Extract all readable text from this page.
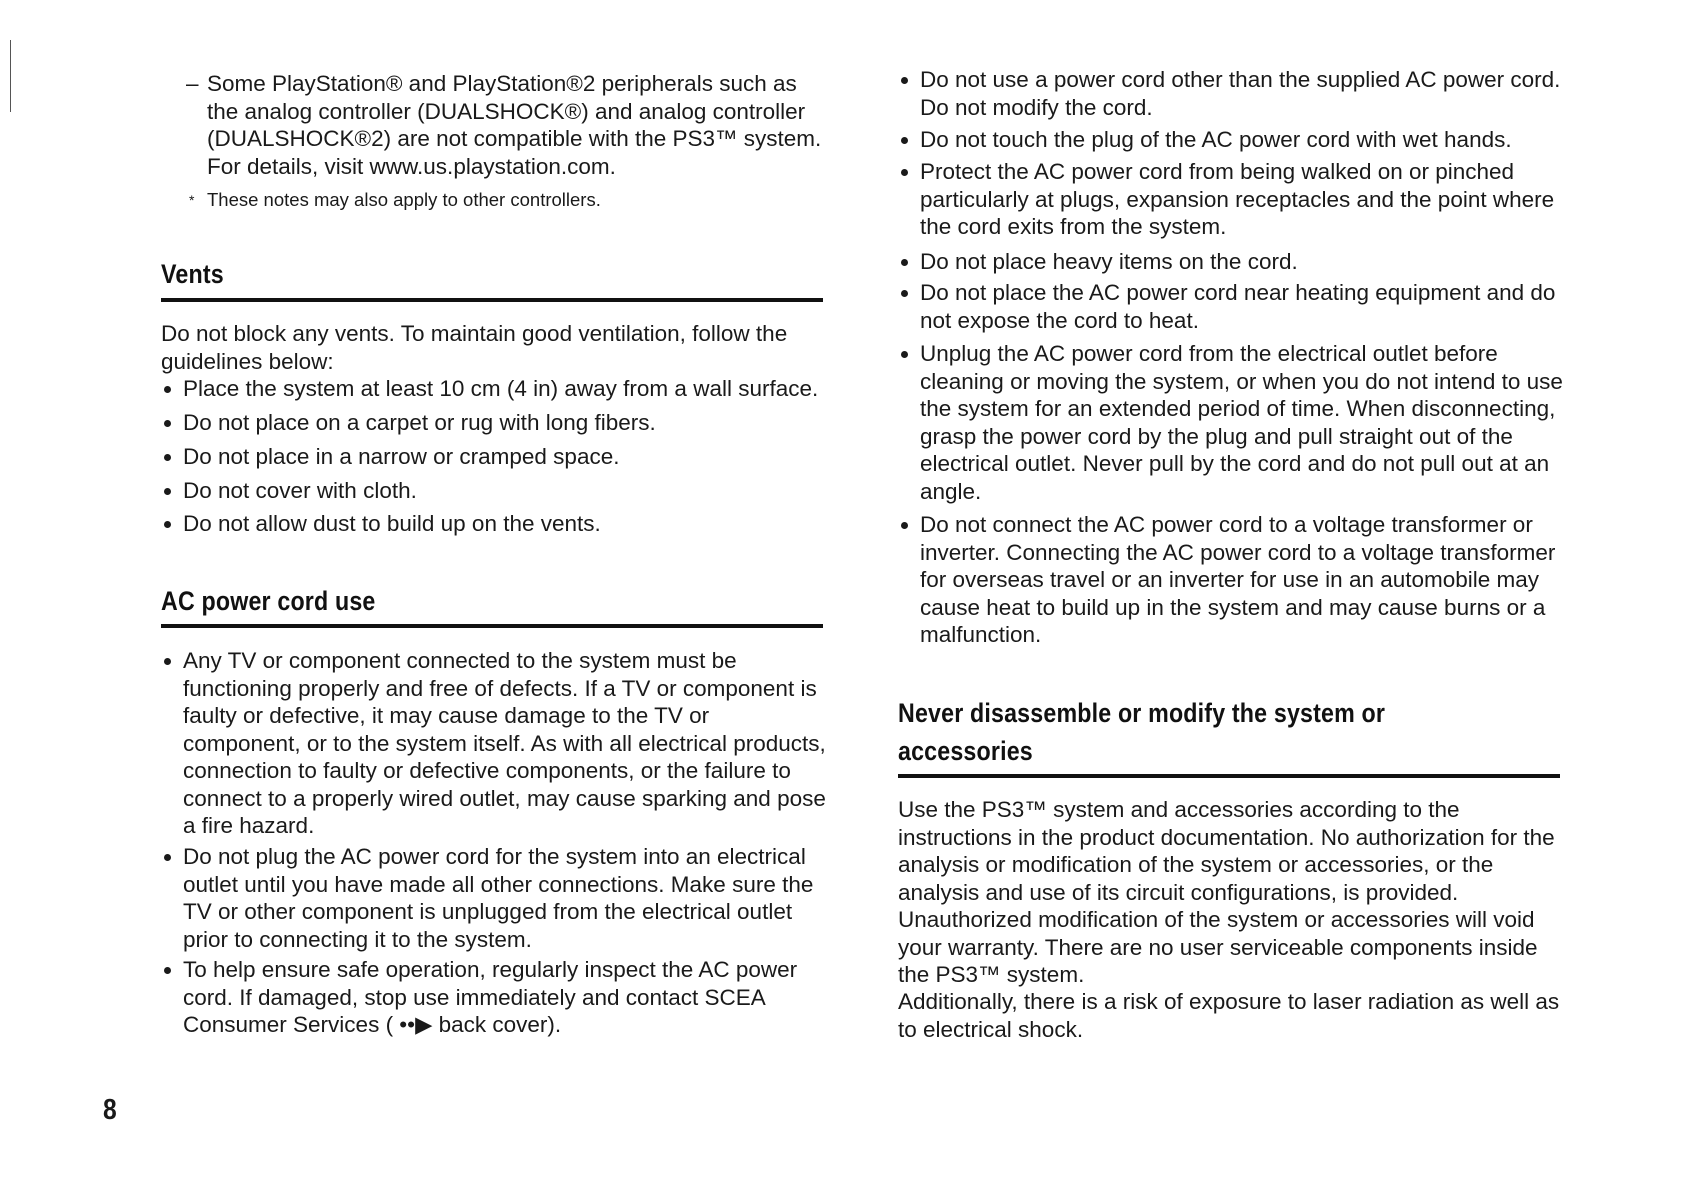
– Some PlayStation® and PlayStation®2 peripherals such as the analog controller (DUALSHOCK®) and analog controller (DUALSHOCK®2) are not compatible with the PS3™ system. For details, visit www.us.playstation.com.
* These notes may also apply to other controllers.
Vents
Do not block any vents. To maintain good ventilation, follow the guidelines below:
Place the system at least 10 cm (4 in) away from a wall surface.
Do not place on a carpet or rug with long fibers.
Do not place in a narrow or cramped space.
Do not cover with cloth.
Do not allow dust to build up on the vents.
AC power cord use
Any TV or component connected to the system must be functioning properly and free of defects. If a TV or component is faulty or defective, it may cause damage to the TV or component, or to the system itself. As with all electrical products, connection to faulty or defective components, or the failure to connect to a properly wired outlet, may cause sparking and pose a fire hazard.
Do not plug the AC power cord for the system into an electrical outlet until you have made all other connections. Make sure the TV or other component is unplugged from the electrical outlet prior to connecting it to the system.
To help ensure safe operation, regularly inspect the AC power cord. If damaged, stop use immediately and contact SCEA Consumer Services ( ••▶ back cover).
Do not use a power cord other than the supplied AC power cord. Do not modify the cord.
Do not touch the plug of the AC power cord with wet hands.
Protect the AC power cord from being walked on or pinched particularly at plugs, expansion receptacles and the point where the cord exits from the system.
Do not place heavy items on the cord.
Do not place the AC power cord near heating equipment and do not expose the cord to heat.
Unplug the AC power cord from the electrical outlet before cleaning or moving the system, or when you do not intend to use the system for an extended period of time. When disconnecting, grasp the power cord by the plug and pull straight out of the electrical outlet. Never pull by the cord and do not pull out at an angle.
Do not connect the AC power cord to a voltage transformer or inverter. Connecting the AC power cord to a voltage transformer for overseas travel or an inverter for use in an automobile may cause heat to build up in the system and may cause burns or a malfunction.
Never disassemble or modify the system or
accessories
Use the PS3™ system and accessories according to the instructions in the product documentation. No authorization for the analysis or modification of the system or accessories, or the analysis and use of its circuit configurations, is provided. Unauthorized modification of the system or accessories will void your warranty. There are no user serviceable components inside the PS3™ system.
Additionally, there is a risk of exposure to laser radiation as well as to electrical shock.
8
